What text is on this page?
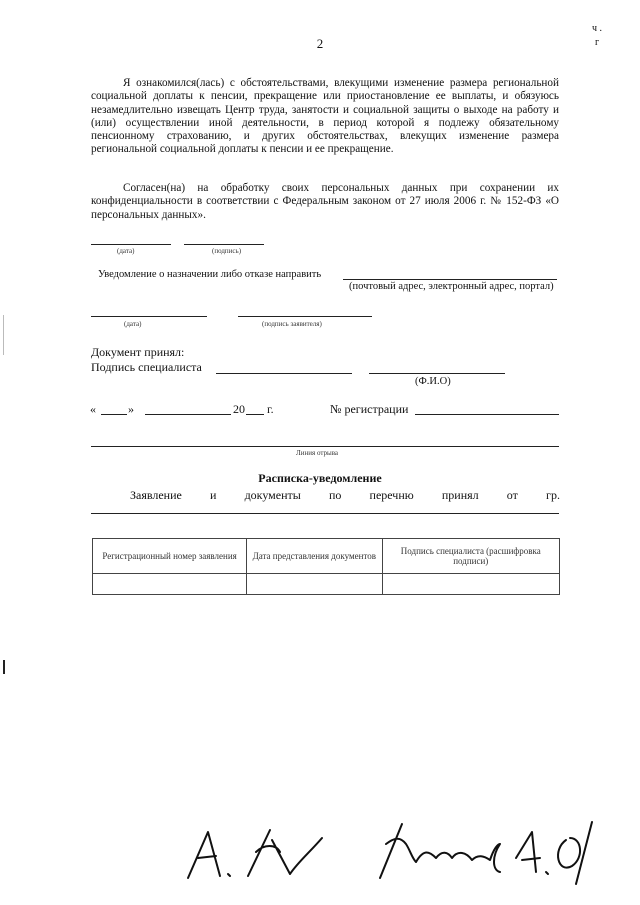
2
ч . г
Я ознакомился(лась) с обстоятельствами, влекущими изменение размера региональной социальной доплаты к пенсии, прекращение или приостановление ее выплаты, и обязуюсь незамедлительно извещать Центр труда, занятости и социальной защиты о выходе на работу и (или) осуществлении иной деятельности, в период которой я подлежу обязательному пенсионному страхованию, и других обстоятельствах, влекущих изменение размера региональной социальной доплаты к пенсии и ее прекращение.
Согласен(на) на обработку своих персональных данных при сохранении их конфиденциальности в соответствии с Федеральным законом от 27 июля 2006 г. № 152-ФЗ «О персональных данных».
(дата)	(подпись)
Уведомление о назначении либо отказе направить
(почтовый адрес, электронный адрес, портал)
(дата)	(подпись заявителя)
Документ принял:
Подпись специалиста
(Ф.И.О)
«	»	20 г.	№ регистрации
Линия отрыва
Расписка-уведомление
Заявление и документы по перечню принял от гр.
Регистрационный номер заявления	Дата представления документов	Подпись специалиста (расшифровка подписи)
